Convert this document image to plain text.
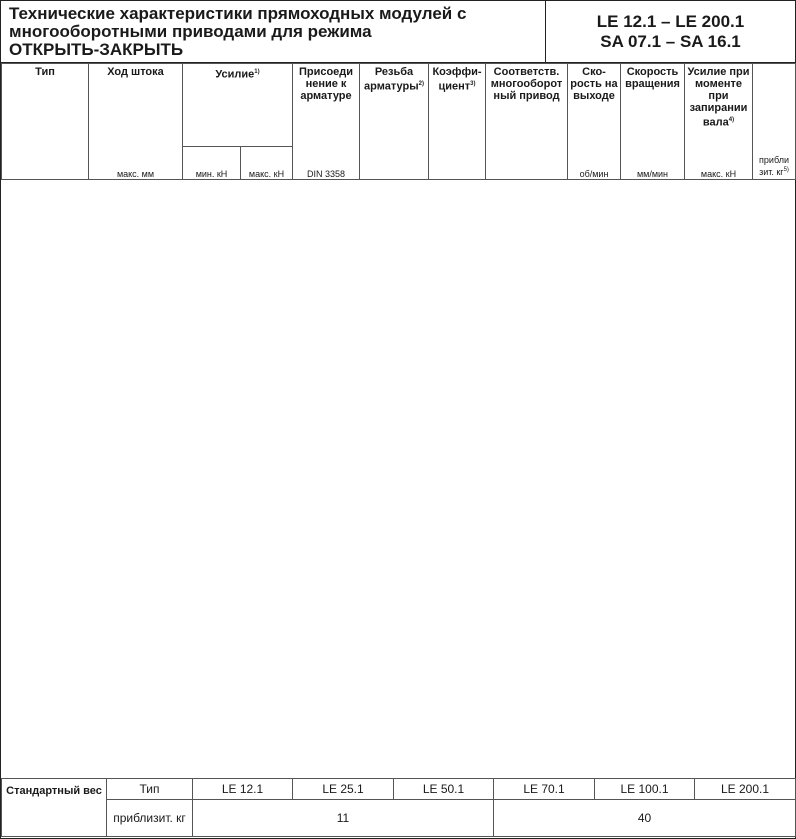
Технические характеристики прямоходных модулей с
многооборотными приводами для режима
ОТКРЫТЬ-ЗАКРЫТЬ
LE 12.1 – LE 200.1
SA 07.1 – SA 16.1
Тип	Ход штока	Усилие$^{1)}$		Присоеди нение к арматуре	Резьба арматуры$^{2)}$	Коэффи-циент$^{3)}$	Соответств. многооборот ный привод	Ско-рость на выходе	Скорость вращения	Усилие при моменте при запирании вала$^{4)}$	прибли зит. $кг^{5)}$
	макс. мм	мин. кН	макс. кН	DIN 3358				об/мин	мм/мин	макс. кН	

Стандартный вес	Тип	LE 12.1	LE 25.1	LE 50.1	LE 70.1	LE 100.1	LE 200.1
	приблизит. кг	11			40		
